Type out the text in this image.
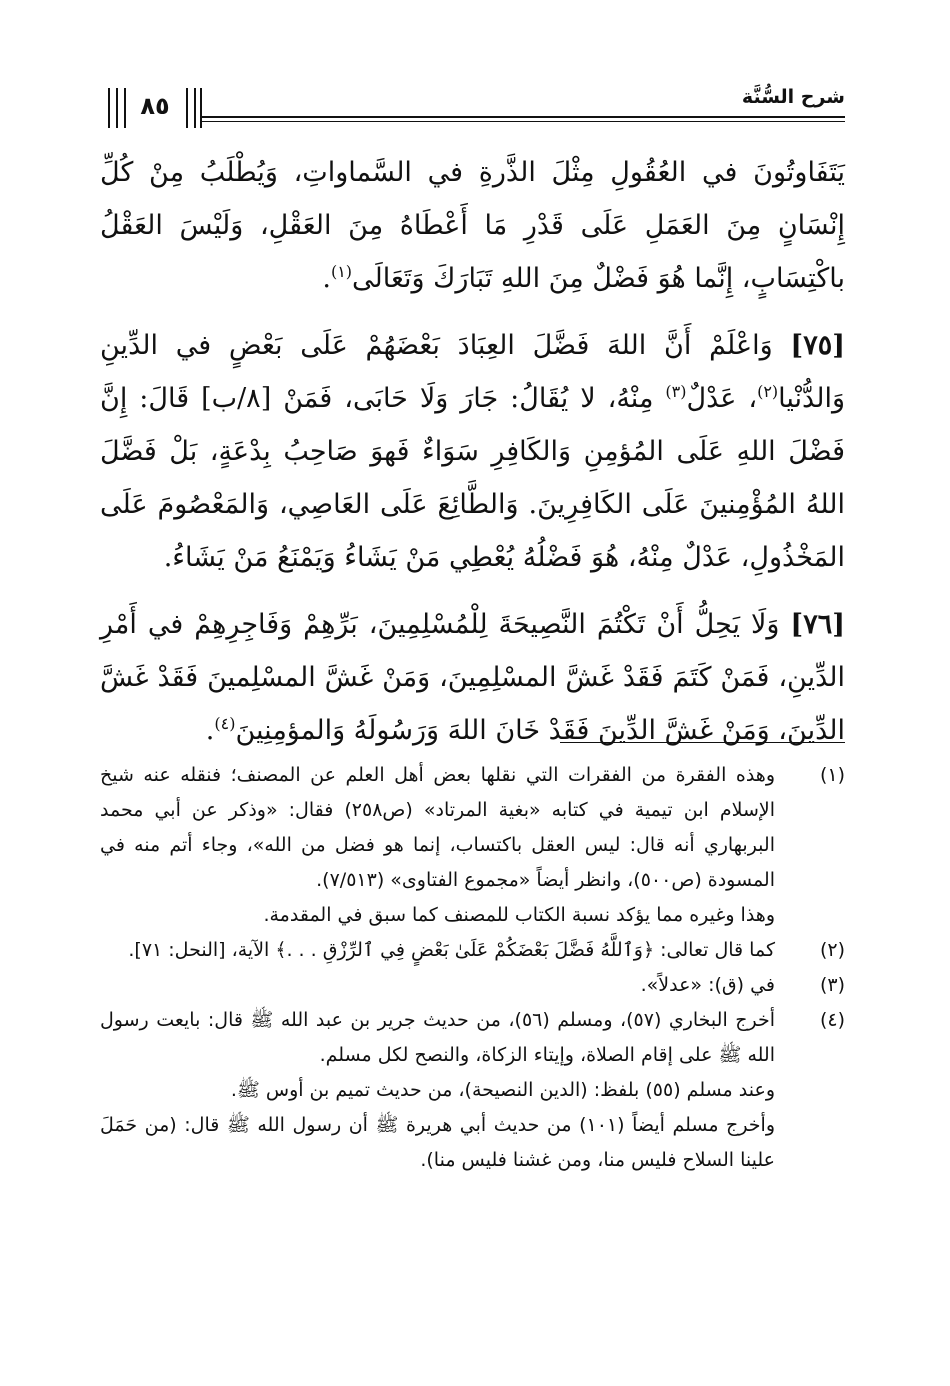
شرح السُّنَّة
٨٥

يَتَفَاوتُونَ في العُقُولِ مِثْلَ الذَّرةِ في السَّماواتِ، وَيُطْلَبُ مِنْ كُلِّ إِنْسَانٍ مِنَ العَمَلِ عَلَى قَدْرِ مَا أَعْطَاهُ مِنَ العَقْلِ، وَلَيْسَ العَقْلُ باكْتِسَابٍ، إِنَّما هُوَ فَضْلٌ مِنَ اللهِ تَبَارَكَ وَتَعَالَى$^{(١)}$.

[٧٥] وَاعْلَمْ أَنَّ اللهَ فَضَّلَ العِبَادَ بَعْضَهُمْ عَلَى بَعْضٍ في الدِّينِ وَالدُّنْيا$^{(٢)}$، عَدْلٌ$^{(٣)}$ مِنْهُ، لا يُقَالُ: جَارَ وَلَا حَابَى، فَمَنْ [٨/ب] قَالَ: إِنَّ فَضْلَ اللهِ عَلَى المُؤمِنِ وَالكَافِرِ سَوَاءٌ فَهوَ صَاحِبُ بِدْعَةٍ، بَلْ فَضَّلَ اللهُ المُؤْمِنينَ عَلَى الكَافِرِينَ. وَالطَّائِعَ عَلَى العَاصِي، وَالمَعْصُومَ عَلَى المَخْذُولِ، عَدْلٌ مِنْهُ، هُوَ فَضْلُهُ يُعْطِي مَنْ يَشَاءُ وَيَمْنَعُ مَنْ يَشَاءُ.

[٧٦] وَلَا يَحِلُّ أَنْ تَكْتُمَ النَّصِيحَةَ لِلْمُسْلِمِينَ، بَرِّهِمْ وَفَاجِرِهِمْ في أَمْرِ الدِّينِ، فَمَنْ كَتَمَ فَقَدْ غَشَّ المسْلِمِينَ، وَمَنْ غَشَّ المسْلِمينَ فَقَدْ غَشَّ الدِّينَ، وَمَنْ غَشَّ الدِّينَ فَقَدْ خَانَ اللهَ وَرَسُولَهُ وَالمؤمِنِينَ$^{(٤)}$.

(١)
وهذه الفقرة من الفقرات التي نقلها بعض أهل العلم عن المصنف؛ فنقله عنه شيخ الإسلام ابن تيمية في كتابه «بغية المرتاد» (ص٢٥٨) فقال: «وذكر عن أبي محمد البربهاري أنه قال: ليس العقل باكتساب، إنما هو فضل من الله»، وجاء أتم منه في المسودة (ص٥٠٠)، وانظر أيضاً «مجموع الفتاوى» (٧/٥١٣).
وهذا وغيره مما يؤكد نسبة الكتاب للمصنف كما سبق في المقدمة.
(٢)
كما قال تعالى: ﴿وَٱللَّهُ فَضَّلَ بَعْضَكُمْ عَلَىٰ بَعْضٍ فِي ٱلرِّزْقِ . . .﴾ الآية، [النحل: ٧١].
(٣)
في (ق): «عدلاً».
(٤)
أخرج البخاري (٥٧)، ومسلم (٥٦)، من حديث جرير بن عبد الله ﷺ قال: بايعت رسول الله ﷺ على إقام الصلاة، وإيتاء الزكاة، والنصح لكل مسلم.
وعند مسلم (٥٥) بلفظ: (الدين النصيحة)، من حديث تميم بن أوس ﷺ.
وأخرج مسلم أيضاً (١٠١) من حديث أبي هريرة ﷺ أن رسول الله ﷺ قال: (من حَمَلَ علينا السلاح فليس منا، ومن غشنا فليس منا).
